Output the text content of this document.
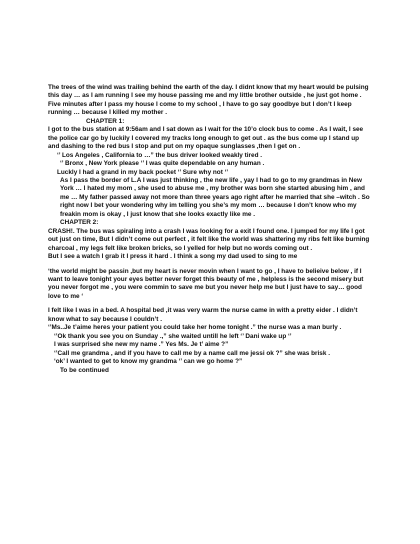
The trees of the wind was trailing behind the earth of the day. I didnt know that my heart would be pulsing this day … as I am running I see my house passing me and my little brother outside , he just got home . Five minutes after I pass my house I come to my school , I have to go say goodbye but I don’t I keep running … because I killed my mother .

CHAPTER 1:

I got to the bus station at 9:56am and I sat down as I wait for the 10’o clock bus to come . As I wait, I see the police car go by luckily I covered my tracks long enough to get out . as the bus come up I stand up and dashing to the red bus I stop and put on my opaque sunglasses ,then I get on .

‘’ Los Angeles , California to …” the bus driver looked weakly tired .

‘’ Bronx , New York please ‘’ I was quite dependable on any human .

Luckly I had a grand in my back pocket ‘’ Sure why not ‘’

As I pass the border of L.A I was just thinking , the new life , yay I had to go to my grandmas in New York … I hated my mom , she used to abuse me , my brother was born she started abusing him , and me … My father passed away not more than three years ago right after he married that she –witch . So right now I bet your wondering why im telling you she’s my mom … because I don’t know who my freakin mom is okay , I just know that she looks exactly like me .

CHAPTER 2:

CRASH!. The bus was spiraling into a crash I was looking for a exit I found one. I jumped for my life I got out just on time, But I didn’t come out perfect , it felt like the world was shattering my ribs felt like burning charcoal , my legs felt like broken bricks, so I yelled for help but no words coming out .

But I see a watch I grab it I press it hard . I think a song my dad used to sing to me

‘the world might be passin ,but my heart is never movin when I want to go , I have to belieive below , if I want to leave tonight your eyes better never forget this beauty of me , helpless is the second misery but you never forgot me , you were commin to save me but you never help me but I just have to say… good love to me ‘

I felt like I was in a bed. A hospital bed ,it was very warm the nurse came in with a pretty eider . I didn’t know what to say because I couldn’t .

‘’Ms..Je t’aime heres your patient you could take her home tonight .” the nurse was a man burly .

‘’Ok thank you see you on Sunday .,” she waited untill he left ‘’ Dani wake up ‘’

I was surprised she new my name .” Yes Ms. Je t’ aime ?”

‘’Call me grandma , and if you have to call me by a name call me jessi ok ?” she was brisk .

‘ok’ I wanted to get to know my grandma ‘’ can we go home ?”

To be continued
